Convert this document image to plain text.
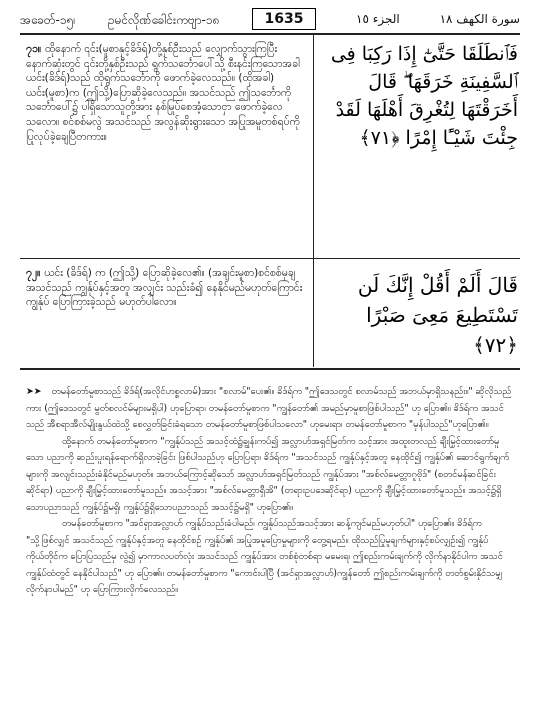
အခေတ်-၁၅၊	ဥမင်လိုဏ်ခေါင်းကဗျာ-၁၈	1635	الجزء ١٥	سورة الكهف ١٨
၇၁။ ထိုနောက် ၎င်း(မူစာနှင့်ခိဒ်ရ်)တို့နှစ်ဦးသည် လျှောက်သွားကြပြီး နောက်ဆုံးတွင် ၎င်းတို့နှစ်ဦးသည် ရွက်သင်္ဘောပေါ်သို့ စီးနင်းကြသောအခါ ယင်း(ခိဒ်ရ်)သည် ထိုရွက်သင်္ဘောကို ဖောက်ခဲ့လေသည်။ (ထိုအခါ) ယင်း(မူစာ)က (ဤသို့)ပြောဆိုခဲ့လေသည်။ အသင်သည် ဤသင်္ဘောကို သင်္ဘောပေါ်၌ ပါရှိသောသူတို့အား နစ်မြုပ်စေအံ့သောငှာ ဖောက်ခဲ့လေသလော။ စင်စစ်မလွဲ အသင်သည် အလွန်ဆိုးရွားသော အပြုအမူတစ်ရပ်ကို ပြုလုပ်ခဲ့ချေပြီတကား။
فَٱنطَلَقَا حَتَّىٰٓ إِذَا رَكِبَا فِى ٱلسَّفِينَةِ خَرَقَهَا ۖ قَالَ أَخَرَقْتَهَا لِتُغْرِقَ أَهْلَهَا لَقَدْ جِئْتَ شَيْـًٔا إِمْرًا ﴿٧١﴾
၇၂။ ယင်း (ခိဒ်ရ်) က (ဤသို့) ပြောဆိုခဲ့လေ၏။ (အချင်းမူစာ)စင်စစ်မုချ အသင်သည် ကျွန်ုပ်နှင့်အတူ အလျှင်း သည်းခံ၍ နေနိုင်မည်မဟုတ်ကြောင်း ကျွန်ုပ် ပြောကြားခဲ့သည် မဟုတ်ပါလော။
قَالَ أَلَمْ أَقُلْ إِنَّكَ لَن تَسْتَطِيعَ مَعِىَ صَبْرًا ﴿٧٢﴾

➤➤ တမန်တော်မူစာသည် ခိဒ်ရ်(အလိုင်ဟစ္စလာမ်)အား "စလာမ်"ပေး၏။ ခိဒ်ရ်က "ဤဒေသတွင် စလာမ်သည် အဘယ်မှာရှိသနည်း။" ဆိုလိုသည်ကား (ဤဒေသတွင် မွတ်စလင်မ်များမရှိပါ) ဟုပြောရာ၊ တမန်တော်မူစာက "ကျွန်တော်၏ အမည်မှာမူစာဖြစ်ပါသည်" ဟု ပြော၏။ ခိဒ်ရ်က အသင်သည် အီစရာအီလ်မျိုးနွယ်ထဲသို့ စေလွှတ်ခြင်းခံရသော တမန်တော်မူစာဖြစ်ပါသလော" ဟုမေးရာ၊ တမန်တော်မူစာက "မှန်ပါသည်"ဟုပြော၏။

ထို့နောက် တမန်တော်မူစာက "ကျွန်ုပ်သည် အသင့်ထံ၌ချွန်းကပ်၍ အလ္လာဟ်အရှင်မြတ်က သင့်အား အထူးတလည် ချီးမြှင့်ထားတော်မူသော ပညာကို ဆည်းပူးရန်ရောက်ရှိလာခဲ့ခြင်း ဖြစ်ပါသည်ဟု ပြောပြရာ၊ ခိဒ်ရ်က "အသင်သည် ကျွန်ုပ်နှင့်အတူ နေထိုင်၍ ကျွန်ုပ်၏ ဆောင်ရွက်ချက်များကို အလျင်းသည်းခံနိုင်မည်မဟုတ်။ အဘယ်ကြောင့်ဆိုသော် အလ္လာဟ်အရှင်မြတ်သည် ကျွန်ုပ်အား "အစ်လ်မေတ္တာဂူဗိုဒ်" (စတင်မန်ဆင်ခြင်းဆိုင်ရာ) ပညာကို ချီးမြှင့်ထားတော်မူသည်။ အသင့်အား "အစ်လ်မေတ္တာရှီအိ" (တရားဥပဒေဆိုင်ရာ) ပညာကို ချီးမြှင့်ထားတော်မူသည်။ အသင့်၌ရှိသောပညာသည် ကျွန်ုပ်၌မရှိ၊ ကျွန်ုပ်၌ရှိသောပညာသည် အသင့်၌မရှိ" ဟုပြော၏။

တမန်တော်မူစာက "အင်ရှာအလ္လာဟ် ကျွန်ုပ်သည်းခံပါမည်၊ ကျွန်ုပ်သည်အသင့်အား ဆန့်ကျင်မည်မဟုတ်ပါ" ဟုပြော၏။ ခိဒ်ရ်က "သို့ဖြစ်လျှင် အသင်သည် ကျွန်ုပ်နှင့်အတူ နေထိုင်စဉ် ကျွန်ုပ်၏ အပြုအမူပြောမှုများကို တွေ့ရမည်။ ထိုသည်ပြုမူချက်များနှင့်စပ်လျှဉ်း၍ ကျွန်ုပ်ကိုယ်တိုင်က ပြောပြသည်မှ လွဲ၍ မှာကာလပတ်လုံး အသင်သည် ကျွန်ုပ်အား တစ်စုံတစ်ရာ မမေးရ၊ ဤစည်းကမ်းချက်ကို လိုက်နာနိုင်ပါက အသင် ကျွန်ုပ်ထံတွင် နေနိုင်ပါသည်" ဟု ပြော၏။ တမန်တော်မူစာက "ကောင်းပါပြီ (အင်ရှာအလ္လာဟ်)ကျွန်တော် ဤစည်းကမ်းချက်ကို တတ်စွမ်းနိုင်သမျှ လိုက်နာပါမည်" ဟု ပြောကြားလိုက်လေသည်။
